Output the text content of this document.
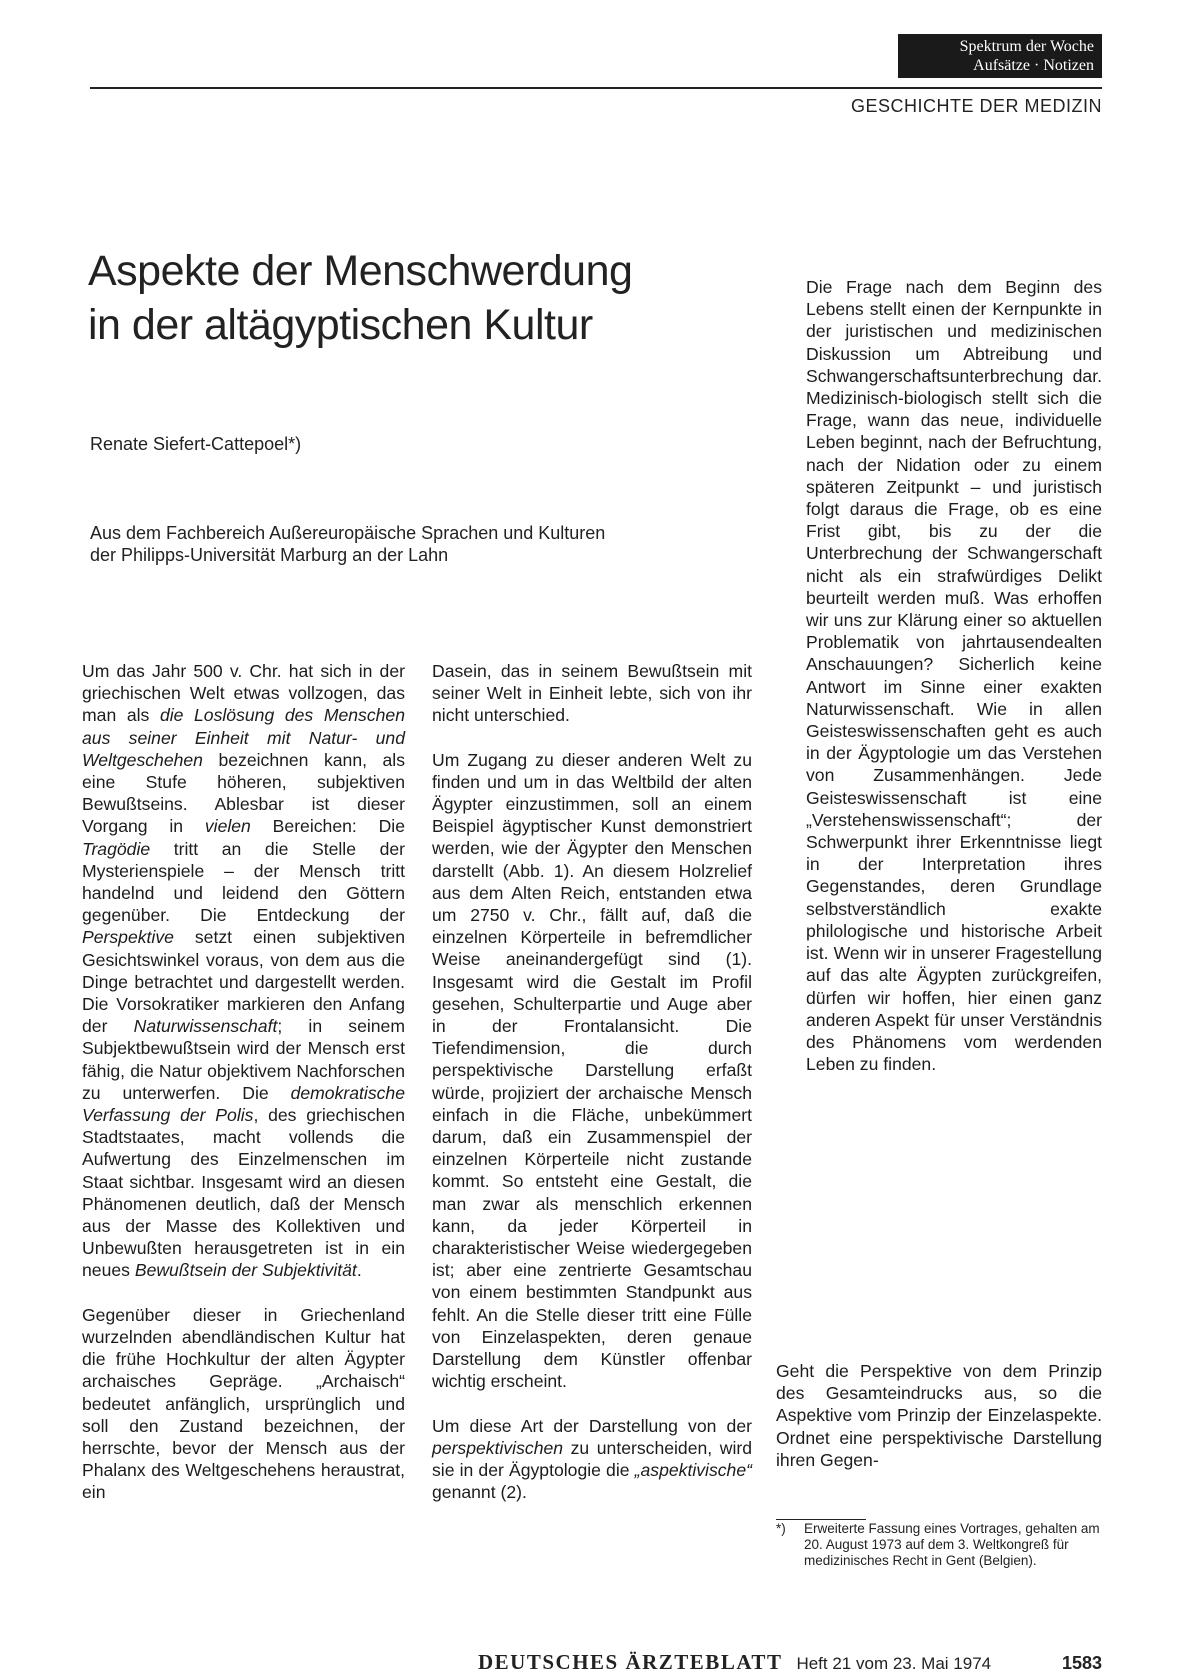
Spektrum der Woche
Aufsätze · Notizen
GESCHICHTE DER MEDIZIN
Aspekte der Menschwerdung
in der altägyptischen Kultur
Renate Siefert-Cattepoel*)
Aus dem Fachbereich Außereuropäische Sprachen und Kulturen
der Philipps-Universität Marburg an der Lahn

Um das Jahr 500 v. Chr. hat sich in der griechischen Welt etwas vollzogen, das man als die Loslösung des Menschen aus seiner Einheit mit Natur- und Weltgeschehen bezeichnen kann, als eine Stufe höheren, subjektiven Bewußtseins. Ablesbar ist dieser Vorgang in vielen Bereichen: Die Tragödie tritt an die Stelle der Mysterienspiele – der Mensch tritt handelnd und leidend den Göttern gegenüber. Die Entdeckung der Perspektive setzt einen subjektiven Gesichtswinkel voraus, von dem aus die Dinge betrachtet und dargestellt werden. Die Vorsokratiker markieren den Anfang der Naturwissenschaft; in seinem Subjektbewußtsein wird der Mensch erst fähig, die Natur objektivem Nachforschen zu unterwerfen. Die demokratische Verfassung der Polis, des griechischen Stadtstaates, macht vollends die Aufwertung des Einzelmenschen im Staat sichtbar. Insgesamt wird an diesen Phänomenen deutlich, daß der Mensch aus der Masse des Kollektiven und Unbewußten herausgetreten ist in ein neues Bewußtsein der Subjektivität.

Gegenüber dieser in Griechenland wurzelnden abendländischen Kultur hat die frühe Hochkultur der alten Ägypter archaisches Gepräge. „Archaisch“ bedeutet anfänglich, ursprünglich und soll den Zustand bezeichnen, der herrschte, bevor der Mensch aus der Phalanx des Weltgeschehens heraustrat, ein

Dasein, das in seinem Bewußtsein mit seiner Welt in Einheit lebte, sich von ihr nicht unterschied.

Um Zugang zu dieser anderen Welt zu finden und um in das Weltbild der alten Ägypter einzustimmen, soll an einem Beispiel ägyptischer Kunst demonstriert werden, wie der Ägypter den Menschen darstellt (Abb. 1). An diesem Holzrelief aus dem Alten Reich, entstanden etwa um 2750 v. Chr., fällt auf, daß die einzelnen Körperteile in befremdlicher Weise aneinandergefügt sind (1). Insgesamt wird die Gestalt im Profil gesehen, Schulterpartie und Auge aber in der Frontalansicht. Die Tiefendimension, die durch perspektivische Darstellung erfaßt würde, projiziert der archaische Mensch einfach in die Fläche, unbekümmert darum, daß ein Zusammenspiel der einzelnen Körperteile nicht zustande kommt. So entsteht eine Gestalt, die man zwar als menschlich erkennen kann, da jeder Körperteil in charakteristischer Weise wiedergegeben ist; aber eine zentrierte Gesamtschau von einem bestimmten Standpunkt aus fehlt. An die Stelle dieser tritt eine Fülle von Einzelaspekten, deren genaue Darstellung dem Künstler offenbar wichtig erscheint.

Um diese Art der Darstellung von der perspektivischen zu unterscheiden, wird sie in der Ägyptologie die „aspektivische“ genannt (2).

Die Frage nach dem Beginn des Lebens stellt einen der Kernpunkte in der juristischen und medizinischen Diskussion um Abtreibung und Schwangerschaftsunterbrechung dar. Medizinisch-biologisch stellt sich die Frage, wann das neue, individuelle Leben beginnt, nach der Befruchtung, nach der Nidation oder zu einem späteren Zeitpunkt – und juristisch folgt daraus die Frage, ob es eine Frist gibt, bis zu der die Unterbrechung der Schwangerschaft nicht als ein strafwürdiges Delikt beurteilt werden muß. Was erhoffen wir uns zur Klärung einer so aktuellen Problematik von jahrtausendealten Anschauungen? Sicherlich keine Antwort im Sinne einer exakten Naturwissenschaft. Wie in allen Geisteswissenschaften geht es auch in der Ägyptologie um das Verstehen von Zusammenhängen. Jede Geisteswissenschaft ist eine „Verstehenswissenschaft“; der Schwerpunkt ihrer Erkenntnisse liegt in der Interpretation ihres Gegenstandes, deren Grundlage selbstverständlich exakte philologische und historische Arbeit ist. Wenn wir in unserer Fragestellung auf das alte Ägypten zurückgreifen, dürfen wir hoffen, hier einen ganz anderen Aspekt für unser Verständnis des Phänomens vom werdenden Leben zu finden.

Geht die Perspektive von dem Prinzip des Gesamteindrucks aus, so die Aspektive vom Prinzip der Einzelaspekte. Ordnet eine perspektivische Darstellung ihren Gegen-

*)	Erweiterte Fassung eines Vortrages, gehalten am 20. August 1973 auf dem 3. Weltkongreß für medizinisches Recht in Gent (Belgien).
DEUTSCHES ÄRZTEBLATT Heft 21 vom 23. Mai 1974	1583
